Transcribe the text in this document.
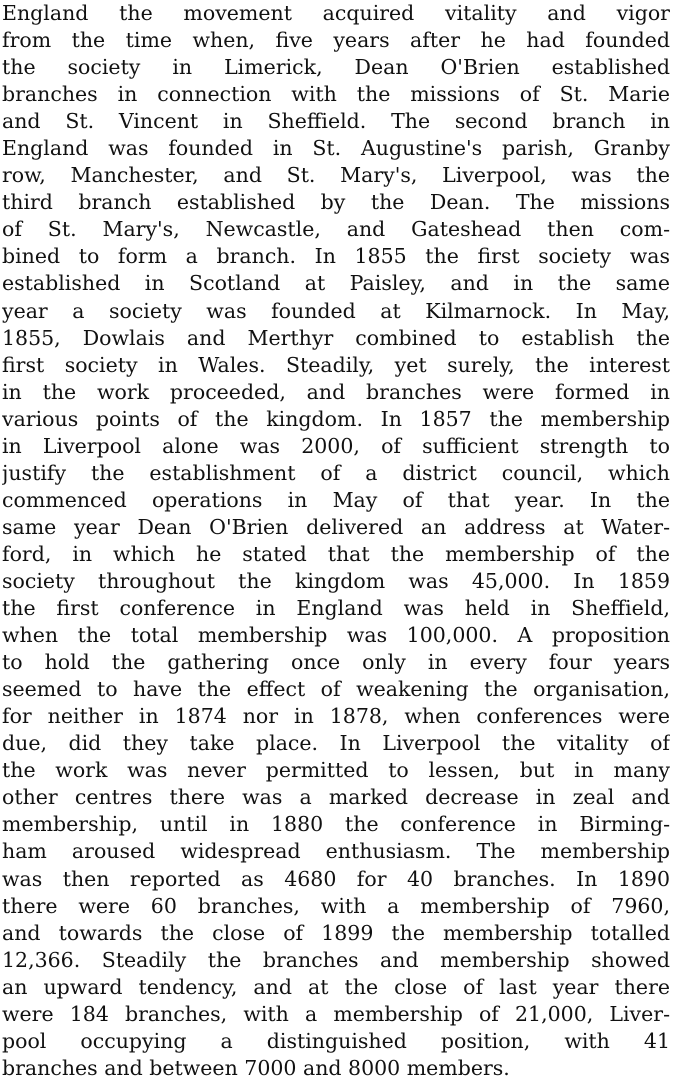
England the movement acquired vitality and vigor
from the time when, five years after he had founded
the society in Limerick, Dean O'Brien established
branches in connection with the missions of St. Marie
and St. Vincent in Sheffield. The second branch in
England was founded in St. Augustine's parish, Granby
row, Manchester, and St. Mary's, Liverpool, was the
third branch established by the Dean. The missions
of St. Mary's, Newcastle, and Gateshead then com-
bined to form a branch. In 1855 the first society was
established in Scotland at Paisley, and in the same
year a society was founded at Kilmarnock. In May,
1855, Dowlais and Merthyr combined to establish the
first society in Wales. Steadily, yet surely, the interest
in the work proceeded, and branches were formed in
various points of the kingdom. In 1857 the membership
in Liverpool alone was 2000, of sufficient strength to
justify the establishment of a district council, which
commenced operations in May of that year. In the
same year Dean O'Brien delivered an address at Water-
ford, in which he stated that the membership of the
society throughout the kingdom was 45,000. In 1859
the first conference in England was held in Sheffield,
when the total membership was 100,000. A proposition
to hold the gathering once only in every four years
seemed to have the effect of weakening the organisation,
for neither in 1874 nor in 1878, when conferences were
due, did they take place. In Liverpool the vitality of
the work was never permitted to lessen, but in many
other centres there was a marked decrease in zeal and
membership, until in 1880 the conference in Birming-
ham aroused widespread enthusiasm. The membership
was then reported as 4680 for 40 branches. In 1890
there were 60 branches, with a membership of 7960,
and towards the close of 1899 the membership totalled
12,366. Steadily the branches and membership showed
an upward tendency, and at the close of last year there
were 184 branches, with a membership of 21,000, Liver-
pool occupying a distinguished position, with 41
branches and between 7000 and 8000 members.
